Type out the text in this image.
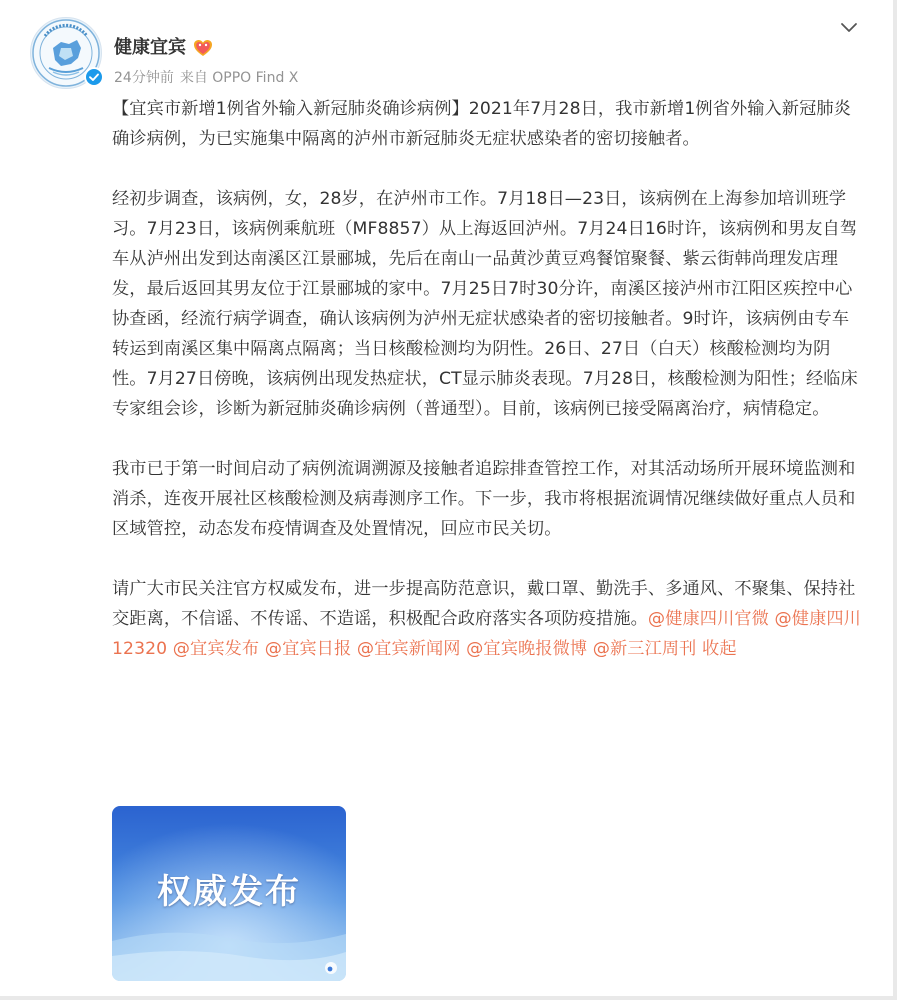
健康宜宾
24分钟前 来自 OPPO Find X

【宜宾市新增1例省外输入新冠肺炎确诊病例】2021年7月28日，我市新增1例省外输入新冠肺炎确诊病例，为已实施集中隔离的泸州市新冠肺炎无症状感染者的密切接触者。

经初步调查，该病例，女，28岁，在泸州市工作。7月18日—23日，该病例在上海参加培训班学习。7月23日，该病例乘航班（MF8857）从上海返回泸州。7月24日16时许，该病例和男友自驾车从泸州出发到达南溪区江景郦城，先后在南山一品黄沙黄豆鸡餐馆聚餐、紫云街韩尚理发店理发，最后返回其男友位于江景郦城的家中。7月25日7时30分许，南溪区接泸州市江阳区疾控中心协查函，经流行病学调查，确认该病例为泸州无症状感染者的密切接触者。9时许，该病例由专车转运到南溪区集中隔离点隔离；当日核酸检测均为阴性。26日、27日（白天）核酸检测均为阴性。7月27日傍晚，该病例出现发热症状，CT显示肺炎表现。7月28日，核酸检测为阳性；经临床专家组会诊，诊断为新冠肺炎确诊病例（普通型）。目前，该病例已接受隔离治疗，病情稳定。

我市已于第一时间启动了病例流调溯源及接触者追踪排查管控工作，对其活动场所开展环境监测和消杀，连夜开展社区核酸检测及病毒测序工作。下一步，我市将根据流调情况继续做好重点人员和区域管控，动态发布疫情调查及处置情况，回应市民关切。

请广大市民关注官方权威发布，进一步提高防范意识，戴口罩、勤洗手、多通风、不聚集、保持社交距离，不信谣、不传谣、不造谣，积极配合政府落实各项防疫措施。@健康四川官微 @健康四川12320 @宜宾发布 @宜宾日报 @宜宾新闻网 @宜宾晚报微博 @新三江周刊 收起

权威发布
